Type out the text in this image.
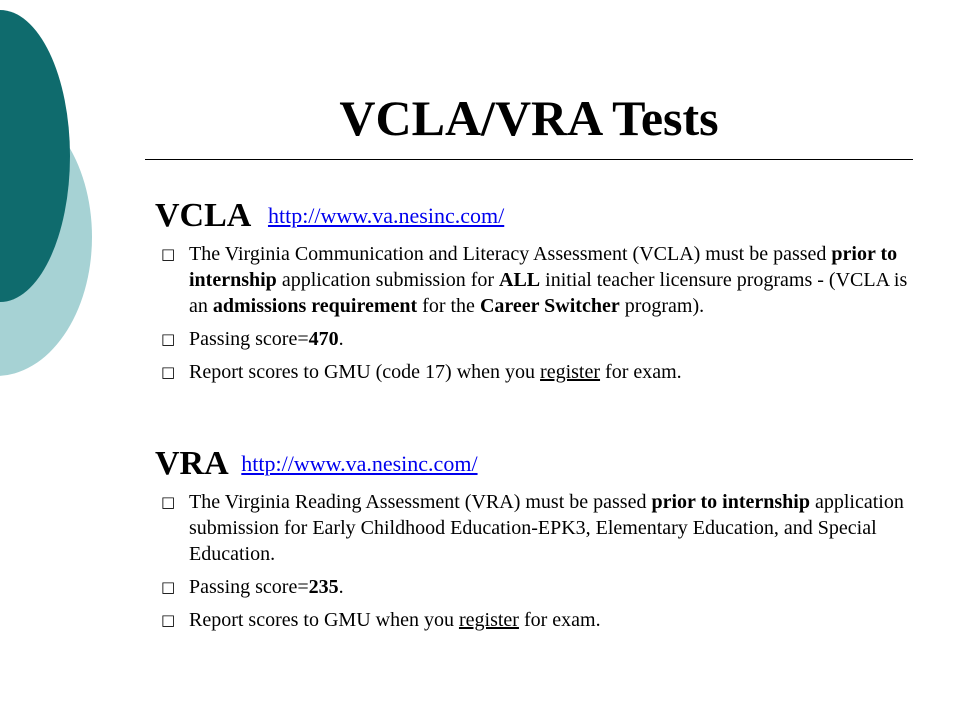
VCLA/VRA Tests
VCLA http://www.va.nesinc.com/
□ The Virginia Communication and Literacy Assessment (VCLA) must be passed prior to internship application submission for ALL initial teacher licensure programs - (VCLA is an admissions requirement for the Career Switcher program).
□ Passing score=470.
□ Report scores to GMU (code 17) when you register for exam.
VRA http://www.va.nesinc.com/
□ The Virginia Reading Assessment (VRA) must be passed prior to internship application submission for Early Childhood Education-EPK3, Elementary Education, and Special Education.
□ Passing score=235.
□ Report scores to GMU when you register for exam.
